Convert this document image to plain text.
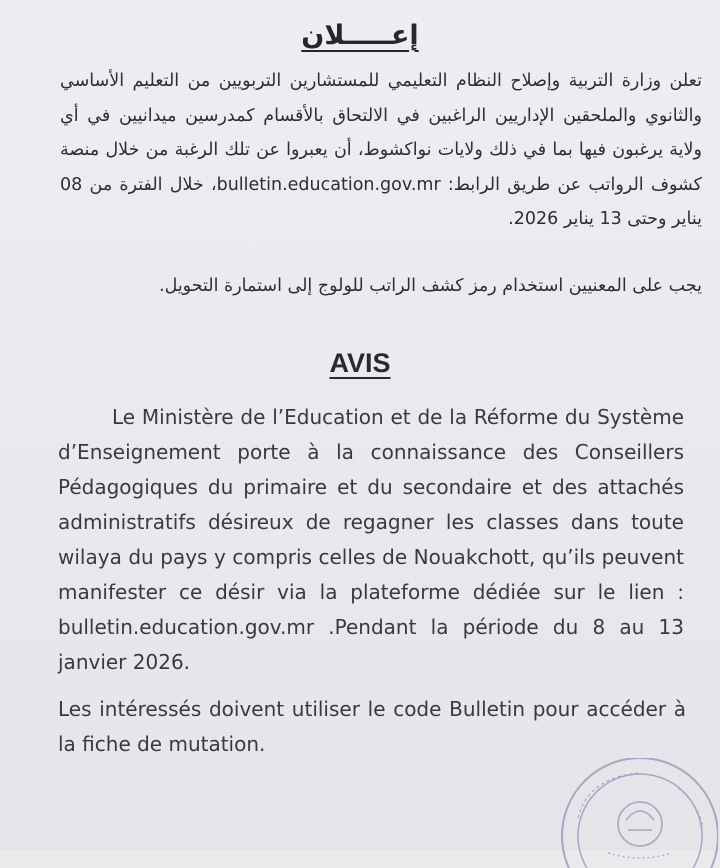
إعـــــلان

تعلن وزارة التربية وإصلاح النظام التعليمي للمستشارين التربويين من التعليم الأساسي والثانوي والملحقين الإداريين الراغبين في الالتحاق بالأقسام كمدرسين ميدانيين في أي ولاية يرغبون فيها بما في ذلك ولايات نواكشوط، أن يعبروا عن تلك الرغبة من خلال منصة كشوف الرواتب عن طريق الرابط: bulletin.education.gov.mr، خلال الفترة من 08 يناير وحتى 13 يناير 2026.

يجب على المعنيين استخدام رمز كشف الراتب للولوج إلى استمارة التحويل.
AVIS

Le Ministère de l’Education et de la Réforme du Système d’Enseignement porte à la connaissance des Conseillers Pédagogiques du primaire et du secondaire et des attachés administratifs désireux de regagner les classes dans toute wilaya du pays y compris celles de Nouakchott, qu’ils peuvent manifester ce désir via la plateforme dédiée sur le lien : bulletin.education.gov.mr .Pendant la période du 8 au 13 janvier 2026.

Les intéressés doivent utiliser le code Bulletin pour accéder à la fiche de mutation.
